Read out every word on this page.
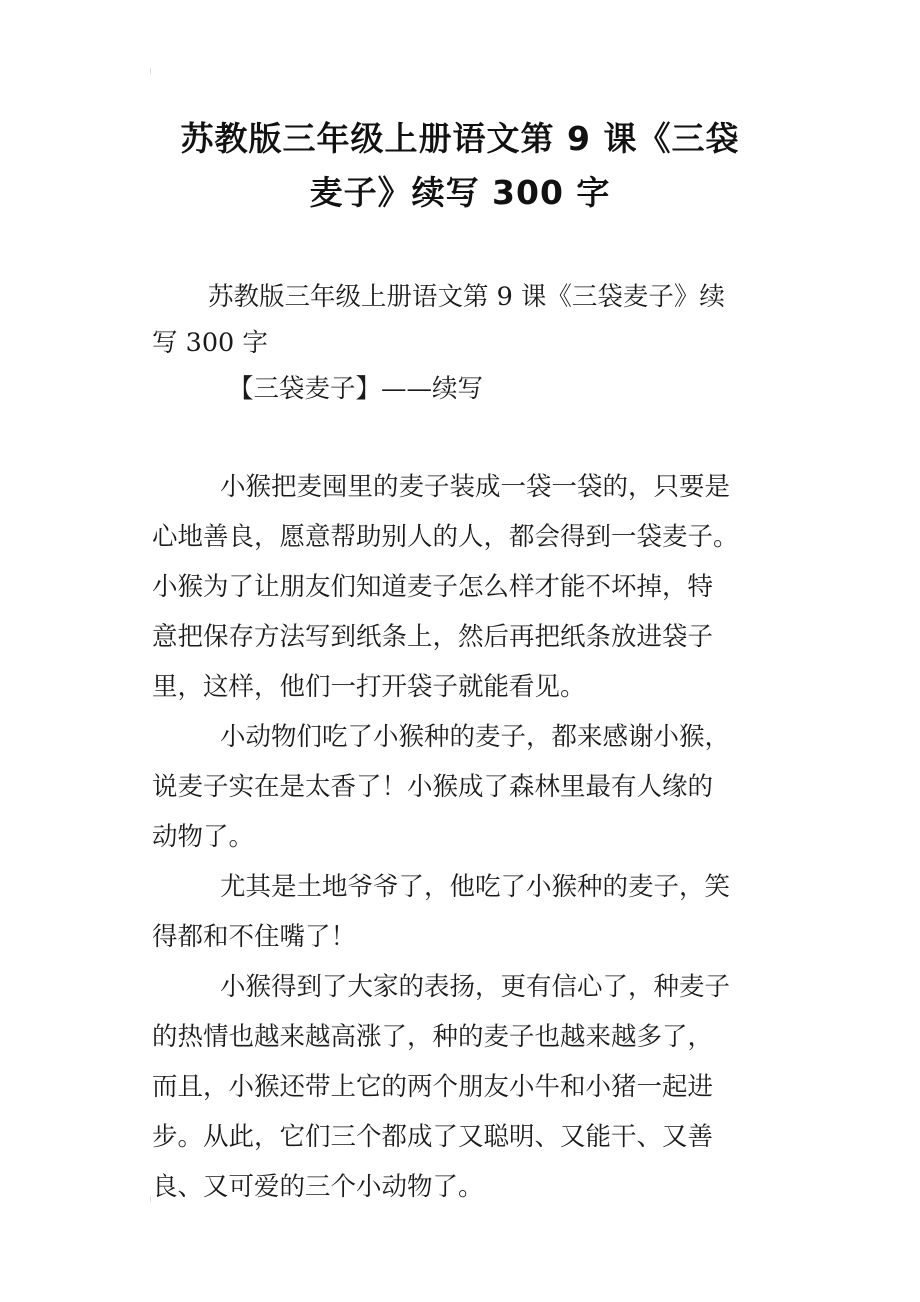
苏教版三年级上册语文第 9 课《三袋
麦子》续写 300 字
苏教版三年级上册语文第 9 课《三袋麦子》续
写 300 字
【三袋麦子】——续写
小猴把麦囤里的麦子装成一袋一袋的，只要是
心地善良，愿意帮助别人的人，都会得到一袋麦子。
小猴为了让朋友们知道麦子怎么样才能不坏掉，特
意把保存方法写到纸条上，然后再把纸条放进袋子
里，这样，他们一打开袋子就能看见。
小动物们吃了小猴种的麦子，都来感谢小猴，
说麦子实在是太香了！小猴成了森林里最有人缘的
动物了。
尤其是土地爷爷了，他吃了小猴种的麦子，笑
得都和不住嘴了！
小猴得到了大家的表扬，更有信心了，种麦子
的热情也越来越高涨了，种的麦子也越来越多了，
而且，小猴还带上它的两个朋友小牛和小猪一起进
步。从此，它们三个都成了又聪明、又能干、又善
良、又可爱的三个小动物了。
